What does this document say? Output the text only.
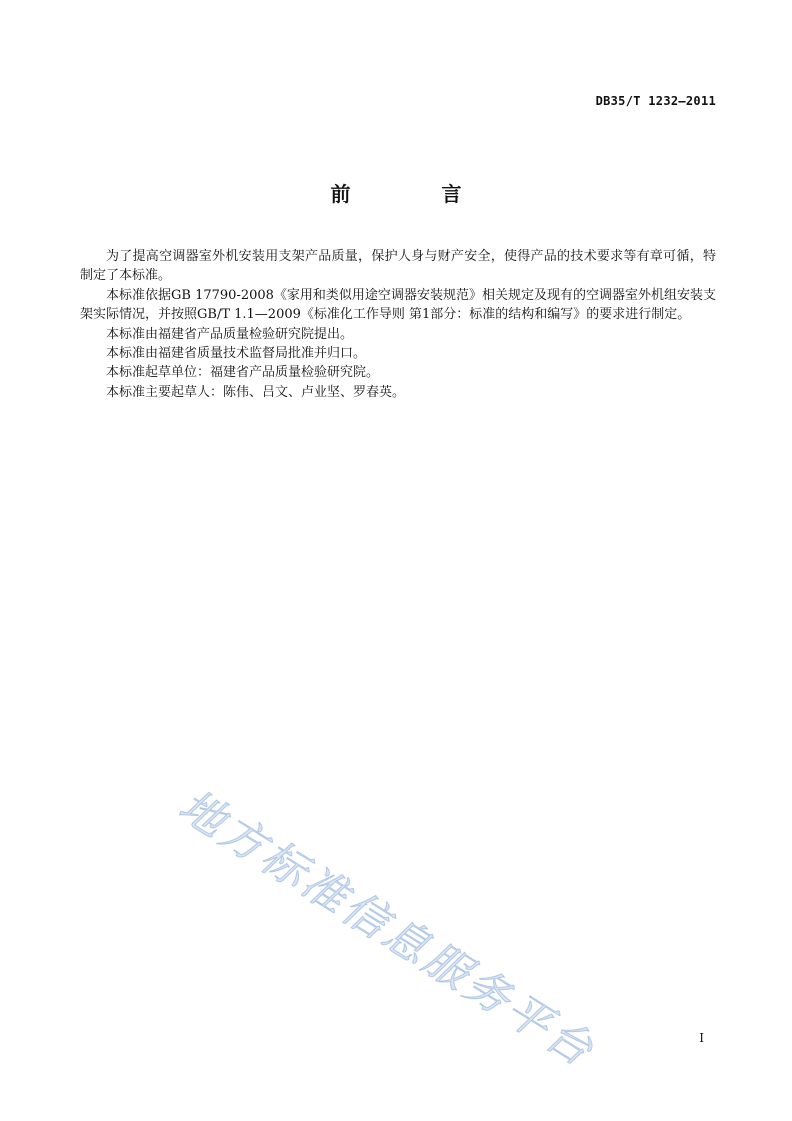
DB35/T 1232—2011
前 言

为了提高空调器室外机安装用支架产品质量，保护人身与财产安全，使得产品的技术要求等有章可循，特制定了本标准。

本标准依据GB 17790-2008《家用和类似用途空调器安装规范》相关规定及现有的空调器室外机组安装支架实际情况，并按照GB/T 1.1—2009《标准化工作导则 第1部分：标准的结构和编写》的要求进行制定。

本标准由福建省产品质量检验研究院提出。

本标准由福建省质量技术监督局批准并归口。

本标准起草单位：福建省产品质量检验研究院。

本标准主要起草人：陈伟、吕文、卢业坚、罗春英。

地方标准信息服务平台	I
